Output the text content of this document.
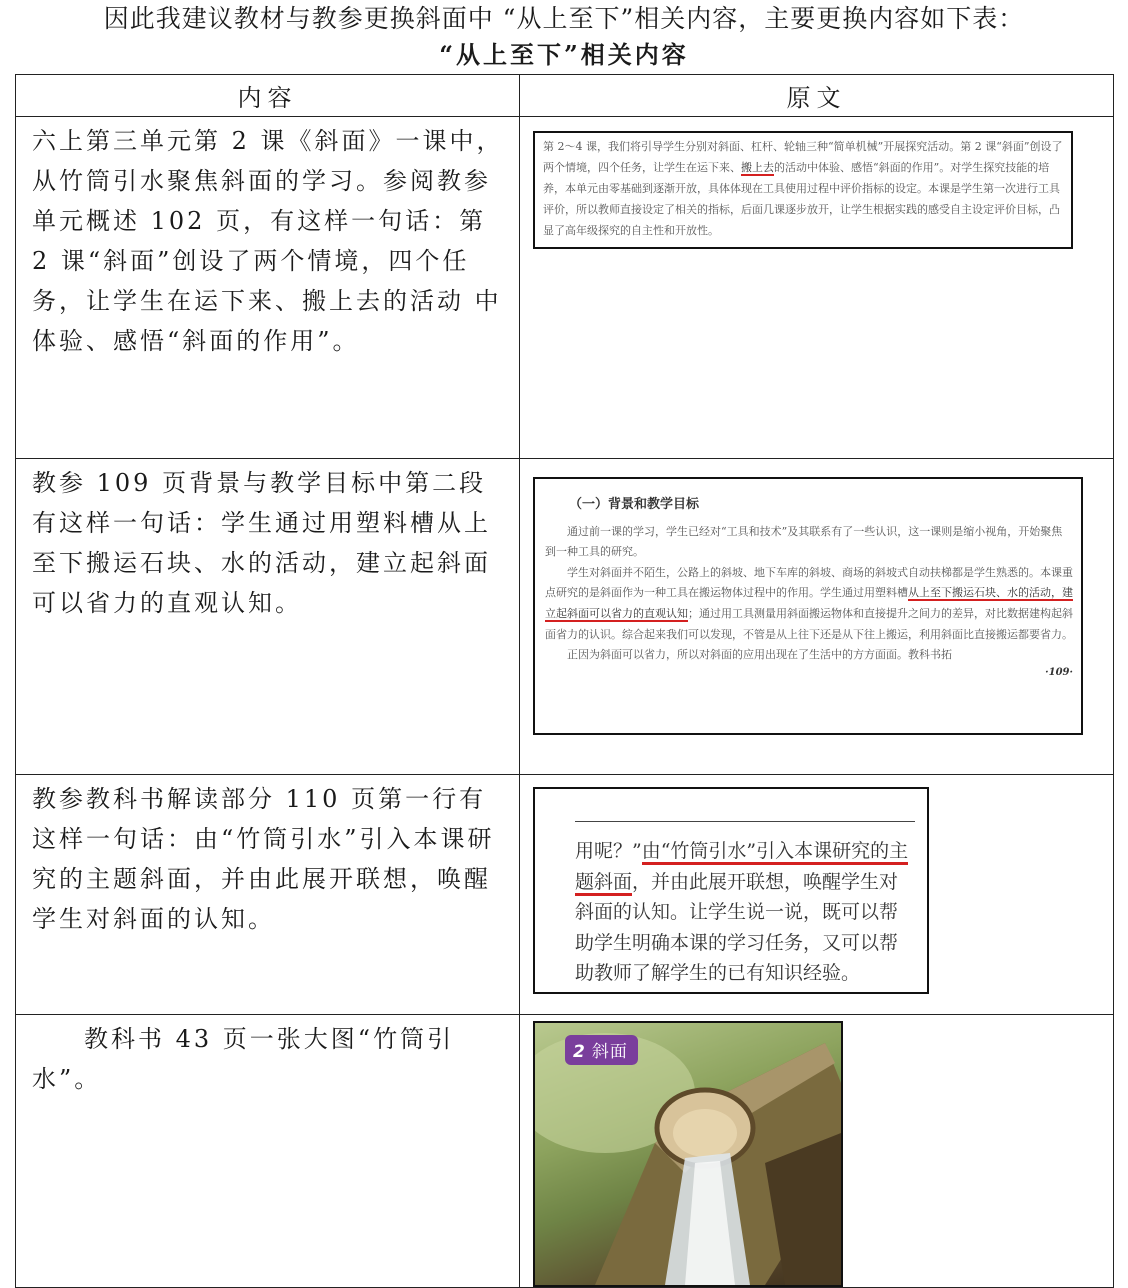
因此我建议教材与教参更换斜面中 “从上至下”相关内容，主要更换内容如下表：
“从上至下”相关内容
内容	原文

六上第三单元第 2 课《斜面》一课中，从竹筒引水聚焦斜面的学习。参阅教参单元概述 102 页，有这样一句话：第 2 课“斜面”创设了两个情境，四个任务，让学生在运下来、搬上去的活动 中体验、感悟“斜面的作用”。	第 2～4 课，我们将引导学生分别对斜面、杠杆、轮轴三种“简单机械”开展探究活动。第 2 课“斜面”创设了两个情境，四个任务，让学生在运下来、搬上去的活动中体验、感悟“斜面的作用”。对学生探究技能的培养，本单元由零基础到逐渐开放，具体体现在工具使用过程中评价指标的设定。本课是学生第一次进行工具评价，所以教师直接设定了相关的指标，后面几课逐步放开，让学生根据实践的感受自主设定评价目标，凸显了高年级探究的自主性和开放性。

教参 109 页背景与教学目标中第二段有这样一句话：学生通过用塑料槽从上至下搬运石块、水的活动，建立起斜面可以省力的直观认知。	（一）背景和教学目标

通过前一课的学习，学生已经对“工具和技术”及其联系有了一些认识，这一课则是缩小视角，开始聚焦到一种工具的研究。

学生对斜面并不陌生，公路上的斜坡、地下车库的斜坡、商场的斜坡式自动扶梯都是学生熟悉的。本课重点研究的是斜面作为一种工具在搬运物体过程中的作用。学生通过用塑料槽从上至下搬运石块、水的活动，建立起斜面可以省力的直观认知；通过用工具测量用斜面搬运物体和直接提升之间力的差异，对比数据建构起斜面省力的认识。综合起来我们可以发现，不管是从上往下还是从下往上搬运，利用斜面比直接搬运都要省力。

正因为斜面可以省力，所以对斜面的应用出现在了生活中的方方面面。教科书拓

·109·

教参教科书解读部分 110 页第一行有这样一句话：由“竹筒引水”引入本课研究的主题斜面，并由此展开联想，唤醒学生对斜面的认知。	用呢？”由“竹筒引水”引入本课研究的主题斜面，并由此展开联想，唤醒学生对斜面的认知。让学生说一说，既可以帮助学生明确本课的学习任务，又可以帮助教师了解学生的已有知识经验。

教科书 43 页一张大图“竹筒引水”。	2 斜面
